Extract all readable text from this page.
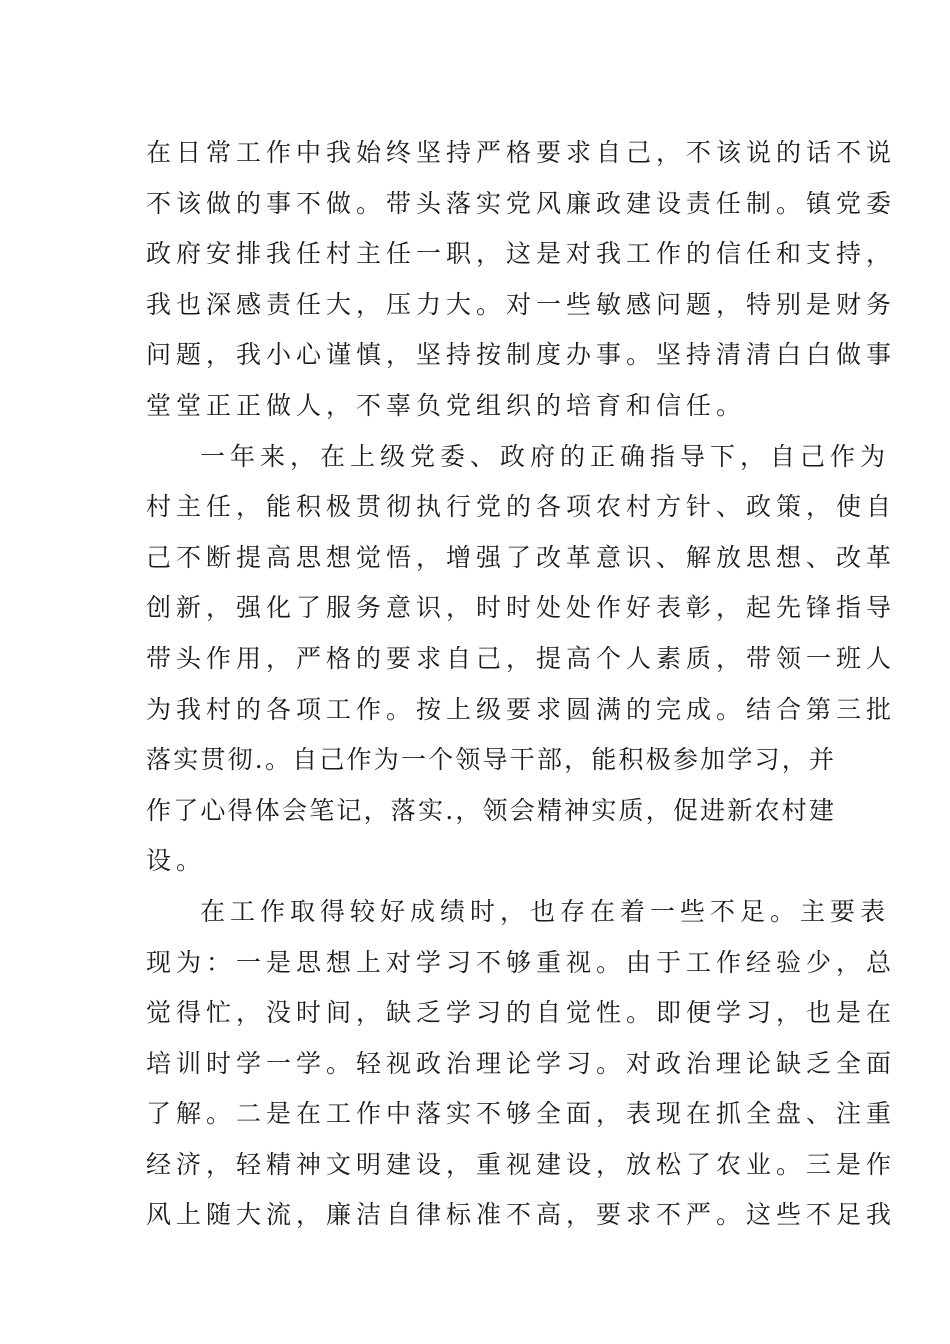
在日常工作中我始终坚持严格要求自己，不该说的话不说
不该做的事不做。带头落实党风廉政建设责任制。镇党委
政府安排我任村主任一职，这是对我工作的信任和支持，
我也深感责任大，压力大。对一些敏感问题，特别是财务
问题，我小心谨慎，坚持按制度办事。坚持清清白白做事
堂堂正正做人，不辜负党组织的培育和信任。
一年来，在上级党委、政府的正确指导下，自己作为
村主任，能积极贯彻执行党的各项农村方针、政策，使自
己不断提高思想觉悟，增强了改革意识、解放思想、改革
创新，强化了服务意识，时时处处作好表彰，起先锋指导
带头作用，严格的要求自己，提高个人素质，带领一班人
为我村的各项工作。按上级要求圆满的完成。结合第三批
落实贯彻.。自己作为一个领导干部，能积极参加学习，并
作了心得体会笔记，落实.，领会精神实质，促进新农村建
设。
在工作取得较好成绩时，也存在着一些不足。主要表
现为：一是思想上对学习不够重视。由于工作经验少，总
觉得忙，没时间，缺乏学习的自觉性。即便学习，也是在
培训时学一学。轻视政治理论学习。对政治理论缺乏全面
了解。二是在工作中落实不够全面，表现在抓全盘、注重
经济，轻精神文明建设，重视建设，放松了农业。三是作
风上随大流，廉洁自律标准不高，要求不严。这些不足我
